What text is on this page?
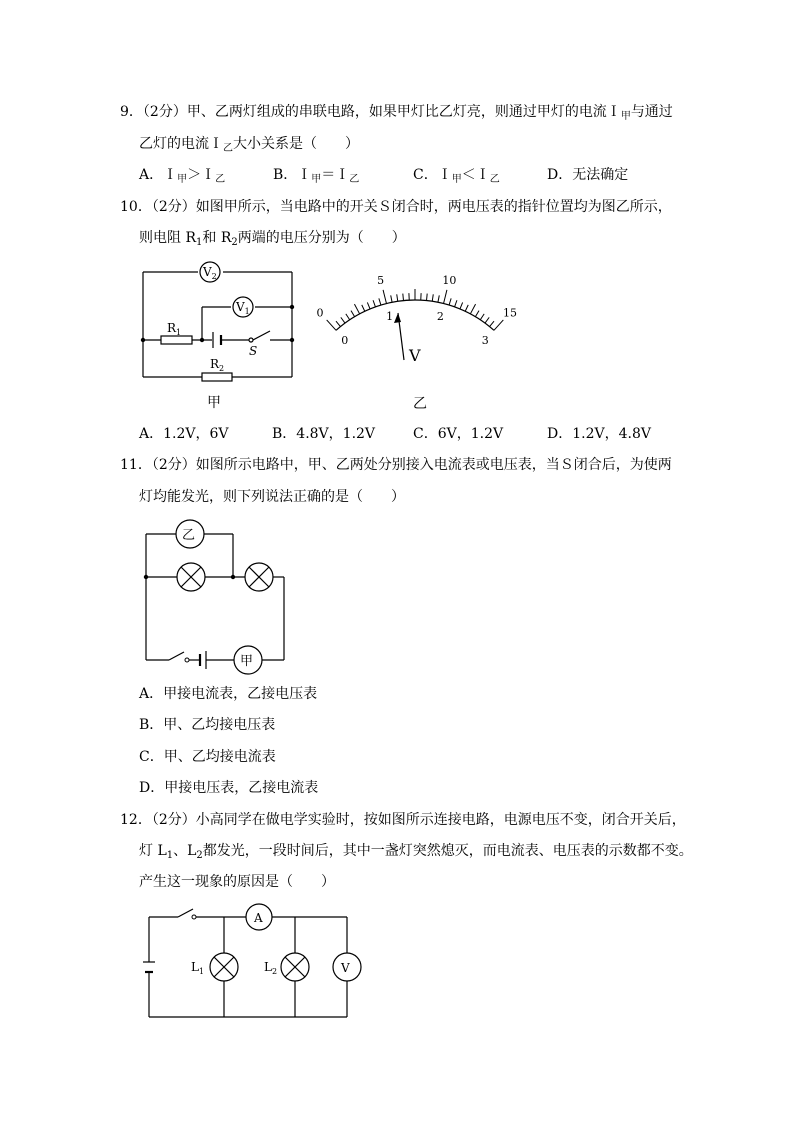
9．（2分）甲、乙两灯组成的串联电路，如果甲灯比乙灯亮，则通过甲灯的电流Ｉ$_甲$与通过
乙灯的电流Ｉ$_乙$大小关系是（　　）
A．Ｉ$_甲$＞Ｉ$_乙$	B．Ｉ$_甲$＝Ｉ$_乙$	C．Ｉ$_甲$＜Ｉ$_乙$	D．无法确定
10．（2分）如图甲所示，当电路中的开关Ｓ闭合时，两电压表的指针位置均为图乙所示，
则电阻 $R_1$和 $R_2$两端的电压分别为（　　）
$V_2$
$V_1$
$R_1$
$R_2$
S
甲
0
5	10
15
0
1	2
3
V
乙
A．1.2V，6V	B．4.8V，1.2V	C．6V，1.2V	D．1.2V，4.8V
11．（2分）如图所示电路中，甲、乙两处分别接入电流表或电压表，当Ｓ闭合后，为使两
灯均能发光，则下列说法正确的是（　　）
乙
甲
A．甲接电流表，乙接电压表
B．甲、乙均接电压表
C．甲、乙均接电流表
D．甲接电压表，乙接电流表
12．（2分）小高同学在做电学实验时，按如图所示连接电路，电源电压不变，闭合开关后，
灯 $L_1$、$L_2$都发光，一段时间后，其中一盏灯突然熄灭，而电流表、电压表的示数都不变。
产生这一现象的原因是（　　）
A
V
$L_1$	$L_2$
